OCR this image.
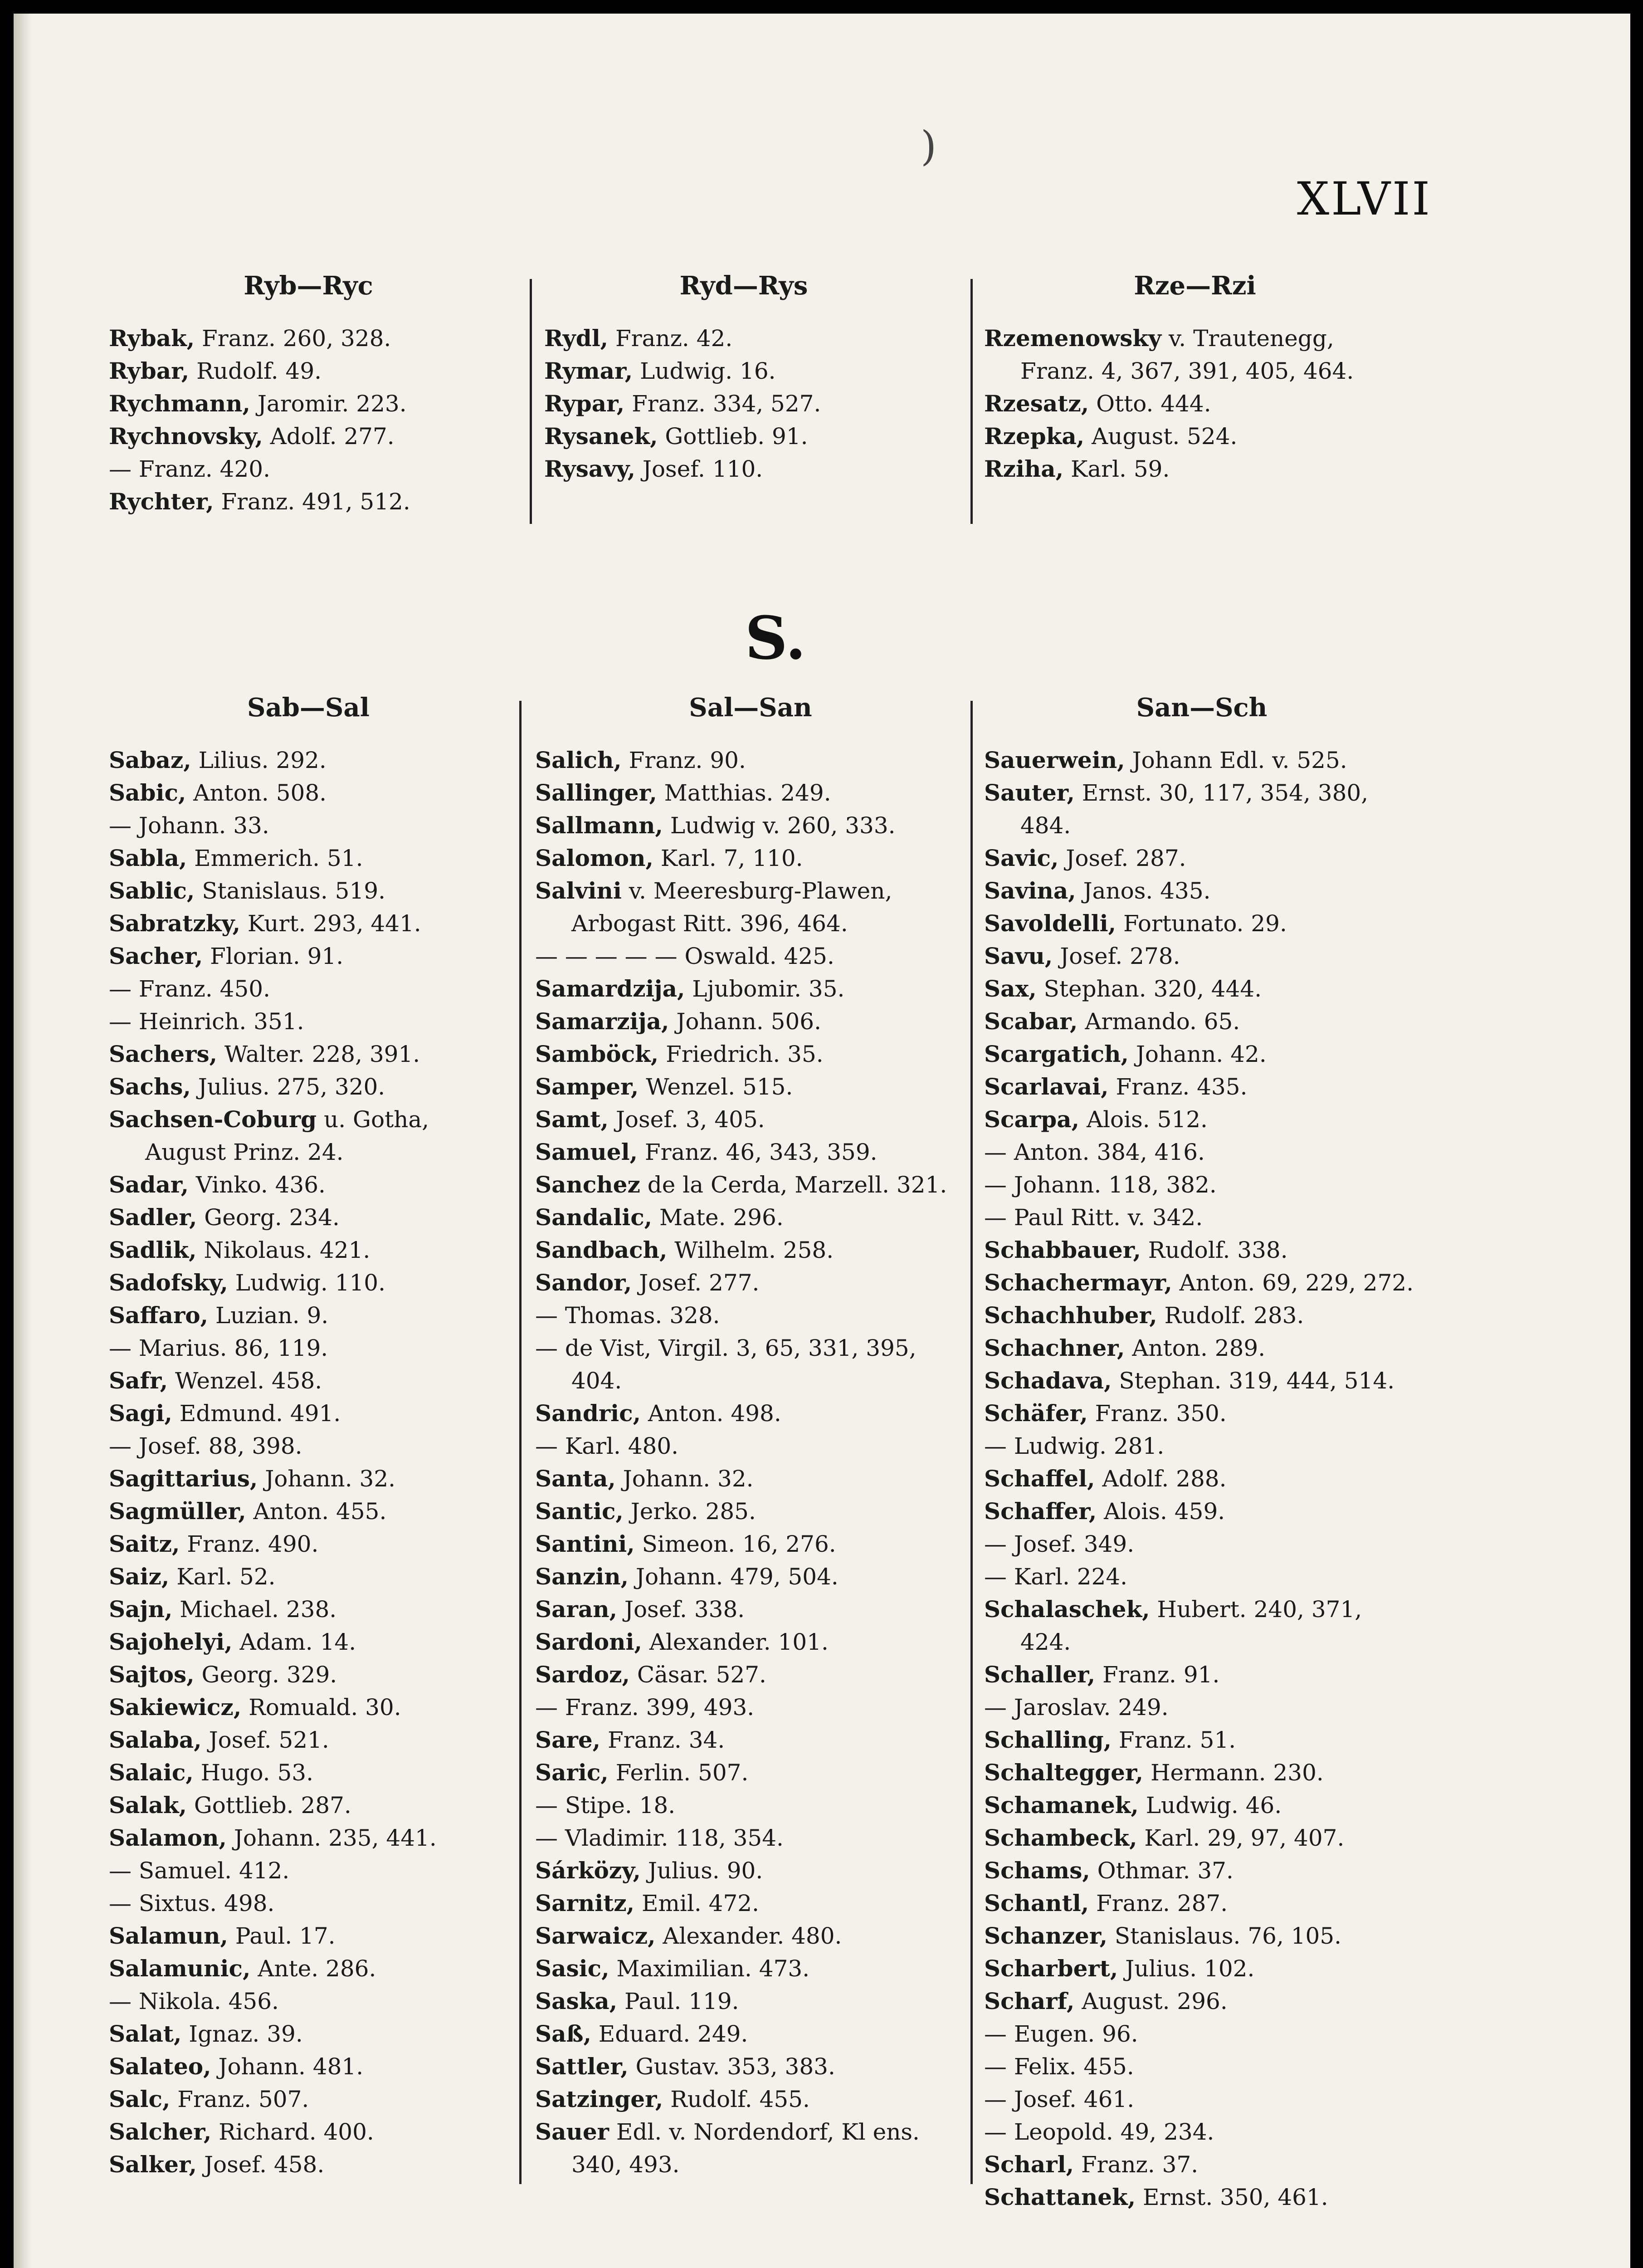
)
XLVII
Ryb—Ryc
Rybak, Franz. 260, 328.
Rybar, Rudolf. 49.
Rychmann, Jaromir. 223.
Rychnovsky, Adolf. 277.
— Franz. 420.
Rychter, Franz. 491, 512.
Ryd—Rys
Rydl, Franz. 42.
Rymar, Ludwig. 16.
Rypar, Franz. 334, 527.
Rysanek, Gottlieb. 91.
Rysavy, Josef. 110.
Rze—Rzi
Rzemenowsky v. Trautenegg, Franz. 4, 367, 391, 405, 464.
Rzesatz, Otto. 444.
Rzepka, August. 524.
Rziha, Karl. 59.
S.
Sab—Sal
Sabaz, Lilius. 292.
Sabic, Anton. 508.
— Johann. 33.
Sabla, Emmerich. 51.
Sablic, Stanislaus. 519.
Sabratzky, Kurt. 293, 441.
Sacher, Florian. 91.
— Franz. 450.
— Heinrich. 351.
Sachers, Walter. 228, 391.
Sachs, Julius. 275, 320.
Sachsen-Coburg u. Gotha, August Prinz. 24.
Sadar, Vinko. 436.
Sadler, Georg. 234.
Sadlik, Nikolaus. 421.
Sadofsky, Ludwig. 110.
Saffaro, Luzian. 9.
— Marius. 86, 119.
Safr, Wenzel. 458.
Sagi, Edmund. 491.
— Josef. 88, 398.
Sagittarius, Johann. 32.
Sagmüller, Anton. 455.
Saitz, Franz. 490.
Saiz, Karl. 52.
Sajn, Michael. 238.
Sajohelyi, Adam. 14.
Sajtos, Georg. 329.
Sakiewicz, Romuald. 30.
Salaba, Josef. 521.
Salaic, Hugo. 53.
Salak, Gottlieb. 287.
Salamon, Johann. 235, 441.
— Samuel. 412.
— Sixtus. 498.
Salamun, Paul. 17.
Salamunic, Ante. 286.
— Nikola. 456.
Salat, Ignaz. 39.
Salateo, Johann. 481.
Salc, Franz. 507.
Salcher, Richard. 400.
Salker, Josef. 458.
Sal—San
Salich, Franz. 90.
Sallinger, Matthias. 249.
Sallmann, Ludwig v. 260, 333.
Salomon, Karl. 7, 110.
Salvini v. Meeresburg-Plawen, Arbogast Ritt. 396, 464.
— — — — — Oswald. 425.
Samardzija, Ljubomir. 35.
Samarzija, Johann. 506.
Samböck, Friedrich. 35.
Samper, Wenzel. 515.
Samt, Josef. 3, 405.
Samuel, Franz. 46, 343, 359.
Sanchez de la Cerda, Marzell. 321.
Sandalic, Mate. 296.
Sandbach, Wilhelm. 258.
Sandor, Josef. 277.
— Thomas. 328.
— de Vist, Virgil. 3, 65, 331, 395, 404.
Sandric, Anton. 498.
— Karl. 480.
Santa, Johann. 32.
Santic, Jerko. 285.
Santini, Simeon. 16, 276.
Sanzin, Johann. 479, 504.
Saran, Josef. 338.
Sardoni, Alexander. 101.
Sardoz, Cäsar. 527.
— Franz. 399, 493.
Sare, Franz. 34.
Saric, Ferlin. 507.
— Stipe. 18.
— Vladimir. 118, 354.
Sárközy, Julius. 90.
Sarnitz, Emil. 472.
Sarwaicz, Alexander. 480.
Sasic, Maximilian. 473.
Saska, Paul. 119.
Saß, Eduard. 249.
Sattler, Gustav. 353, 383.
Satzinger, Rudolf. 455.
Sauer Edl. v. Nordendorf, Kl ens. 340, 493.
San—Sch
Sauerwein, Johann Edl. v. 525.
Sauter, Ernst. 30, 117, 354, 380, 484.
Savic, Josef. 287.
Savina, Janos. 435.
Savoldelli, Fortunato. 29.
Savu, Josef. 278.
Sax, Stephan. 320, 444.
Scabar, Armando. 65.
Scargatich, Johann. 42.
Scarlavai, Franz. 435.
Scarpa, Alois. 512.
— Anton. 384, 416.
— Johann. 118, 382.
— Paul Ritt. v. 342.
Schabbauer, Rudolf. 338.
Schachermayr, Anton. 69, 229, 272.
Schachhuber, Rudolf. 283.
Schachner, Anton. 289.
Schadava, Stephan. 319, 444, 514.
Schäfer, Franz. 350.
— Ludwig. 281.
Schaffel, Adolf. 288.
Schaffer, Alois. 459.
— Josef. 349.
— Karl. 224.
Schalaschek, Hubert. 240, 371, 424.
Schaller, Franz. 91.
— Jaroslav. 249.
Schalling, Franz. 51.
Schaltegger, Hermann. 230.
Schamanek, Ludwig. 46.
Schambeck, Karl. 29, 97, 407.
Schams, Othmar. 37.
Schantl, Franz. 287.
Schanzer, Stanislaus. 76, 105.
Scharbert, Julius. 102.
Scharf, August. 296.
— Eugen. 96.
— Felix. 455.
— Josef. 461.
— Leopold. 49, 234.
Scharl, Franz. 37.
Schattanek, Ernst. 350, 461.
